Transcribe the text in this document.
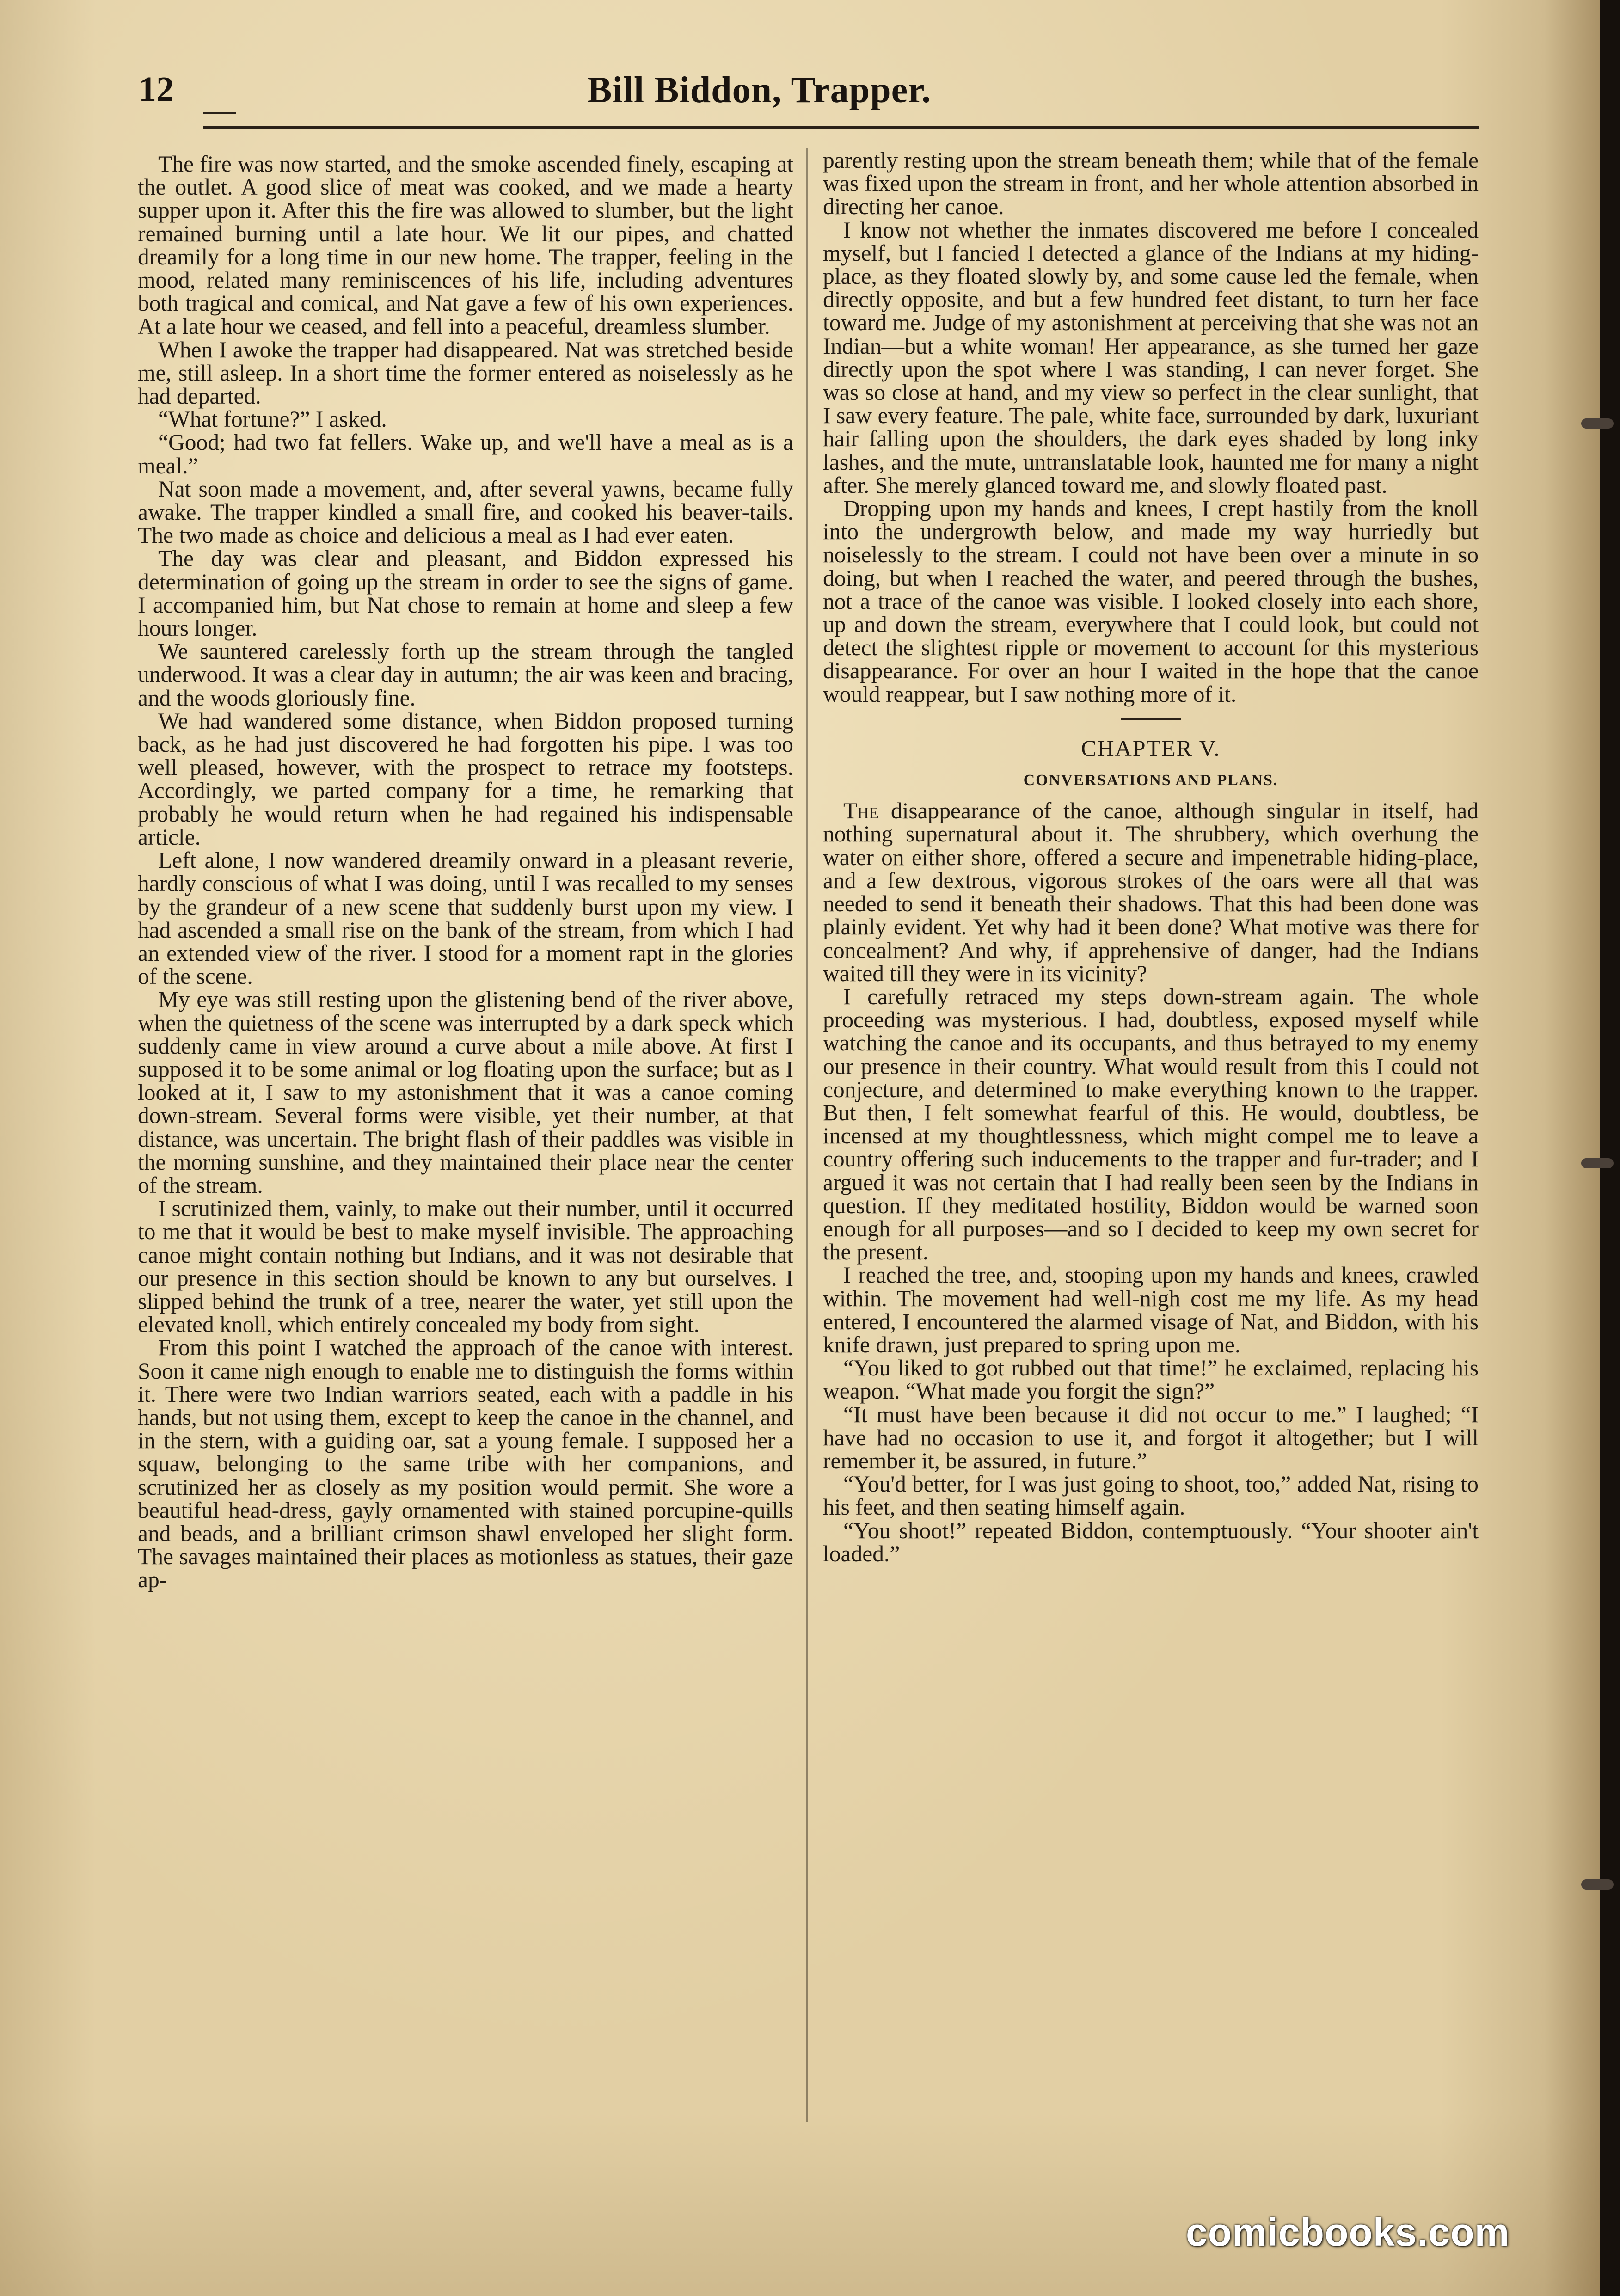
12	Bill Biddon, Trapper.

The fire was now started, and the smoke ascended finely, escaping at the outlet. A good slice of meat was cooked, and we made a hearty supper upon it. After this the fire was allowed to slumber, but the light remained burning until a late hour. We lit our pipes, and chatted dreamily for a long time in our new home. The trapper, feeling in the mood, related many reminiscences of his life, including adventures both tragical and comical, and Nat gave a few of his own experiences. At a late hour we ceased, and fell into a peaceful, dreamless slumber.

When I awoke the trapper had disappeared. Nat was stretched beside me, still asleep. In a short time the former entered as noiselessly as he had departed.

“What fortune?” I asked.

“Good; had two fat fellers. Wake up, and we'll have a meal as is a meal.”

Nat soon made a movement, and, after several yawns, became fully awake. The trapper kindled a small fire, and cooked his beaver-tails. The two made as choice and delicious a meal as I had ever eaten.

The day was clear and pleasant, and Biddon expressed his determination of going up the stream in order to see the signs of game. I accompanied him, but Nat chose to remain at home and sleep a few hours longer.

We sauntered carelessly forth up the stream through the tangled underwood. It was a clear day in autumn; the air was keen and bracing, and the woods gloriously fine.

We had wandered some distance, when Biddon proposed turning back, as he had just discovered he had forgotten his pipe. I was too well pleased, however, with the prospect to retrace my footsteps. Accordingly, we parted company for a time, he remarking that probably he would return when he had regained his indispensable article.

Left alone, I now wandered dreamily onward in a pleasant reverie, hardly conscious of what I was doing, until I was recalled to my senses by the grandeur of a new scene that suddenly burst upon my view. I had ascended a small rise on the bank of the stream, from which I had an extended view of the river. I stood for a moment rapt in the glories of the scene.

My eye was still resting upon the glistening bend of the river above, when the quietness of the scene was interrupted by a dark speck which suddenly came in view around a curve about a mile above. At first I supposed it to be some animal or log floating upon the surface; but as I looked at it, I saw to my astonishment that it was a canoe coming down-stream. Several forms were visible, yet their number, at that distance, was uncertain. The bright flash of their paddles was visible in the morning sunshine, and they maintained their place near the center of the stream.

I scrutinized them, vainly, to make out their number, until it occurred to me that it would be best to make myself invisible. The approaching canoe might contain nothing but Indians, and it was not desirable that our presence in this section should be known to any but ourselves. I slipped behind the trunk of a tree, nearer the water, yet still upon the elevated knoll, which entirely concealed my body from sight.

From this point I watched the approach of the canoe with interest. Soon it came nigh enough to enable me to distinguish the forms within it. There were two Indian warriors seated, each with a paddle in his hands, but not using them, except to keep the canoe in the channel, and in the stern, with a guiding oar, sat a young female. I supposed her a squaw, belonging to the same tribe with her companions, and scrutinized her as closely as my position would permit. She wore a beautiful head-dress, gayly ornamented with stained porcupine-quills and beads, and a brilliant crimson shawl enveloped her slight form. The savages maintained their places as motionless as statues, their gaze ap-

parently resting upon the stream beneath them; while that of the female was fixed upon the stream in front, and her whole attention absorbed in directing her canoe.

I know not whether the inmates discovered me before I concealed myself, but I fancied I detected a glance of the Indians at my hiding-place, as they floated slowly by, and some cause led the female, when directly opposite, and but a few hundred feet distant, to turn her face toward me. Judge of my astonishment at perceiving that she was not an Indian—but a white woman! Her appearance, as she turned her gaze directly upon the spot where I was standing, I can never forget. She was so close at hand, and my view so perfect in the clear sunlight, that I saw every feature. The pale, white face, surrounded by dark, luxuriant hair falling upon the shoulders, the dark eyes shaded by long inky lashes, and the mute, untranslatable look, haunted me for many a night after. She merely glanced toward me, and slowly floated past.

Dropping upon my hands and knees, I crept hastily from the knoll into the undergrowth below, and made my way hurriedly but noiselessly to the stream. I could not have been over a minute in so doing, but when I reached the water, and peered through the bushes, not a trace of the canoe was visible. I looked closely into each shore, up and down the stream, everywhere that I could look, but could not detect the slightest ripple or movement to account for this mysterious disappearance. For over an hour I waited in the hope that the canoe would reappear, but I saw nothing more of it.

CHAPTER V.
CONVERSATIONS AND PLANS.

The disappearance of the canoe, although singular in itself, had nothing supernatural about it. The shrubbery, which overhung the water on either shore, offered a secure and impenetrable hiding-place, and a few dextrous, vigorous strokes of the oars were all that was needed to send it beneath their shadows. That this had been done was plainly evident. Yet why had it been done? What motive was there for concealment? And why, if apprehensive of danger, had the Indians waited till they were in its vicinity?

I carefully retraced my steps down-stream again. The whole proceeding was mysterious. I had, doubtless, exposed myself while watching the canoe and its occupants, and thus betrayed to my enemy our presence in their country. What would result from this I could not conjecture, and determined to make everything known to the trapper. But then, I felt somewhat fearful of this. He would, doubtless, be incensed at my thoughtlessness, which might compel me to leave a country offering such inducements to the trapper and fur-trader; and I argued it was not certain that I had really been seen by the Indians in question. If they meditated hostility, Biddon would be warned soon enough for all purposes—and so I decided to keep my own secret for the present.

I reached the tree, and, stooping upon my hands and knees, crawled within. The movement had well-nigh cost me my life. As my head entered, I encountered the alarmed visage of Nat, and Biddon, with his knife drawn, just prepared to spring upon me.

“You liked to got rubbed out that time!” he exclaimed, replacing his weapon. “What made you forgit the sign?”

“It must have been because it did not occur to me.” I laughed; “I have had no occasion to use it, and forgot it altogether; but I will remember it, be assured, in future.”

“You'd better, for I was just going to shoot, too,” added Nat, rising to his feet, and then seating himself again.

“You shoot!” repeated Biddon, contemptuously. “Your shooter ain't loaded.”

comicbooks.com
